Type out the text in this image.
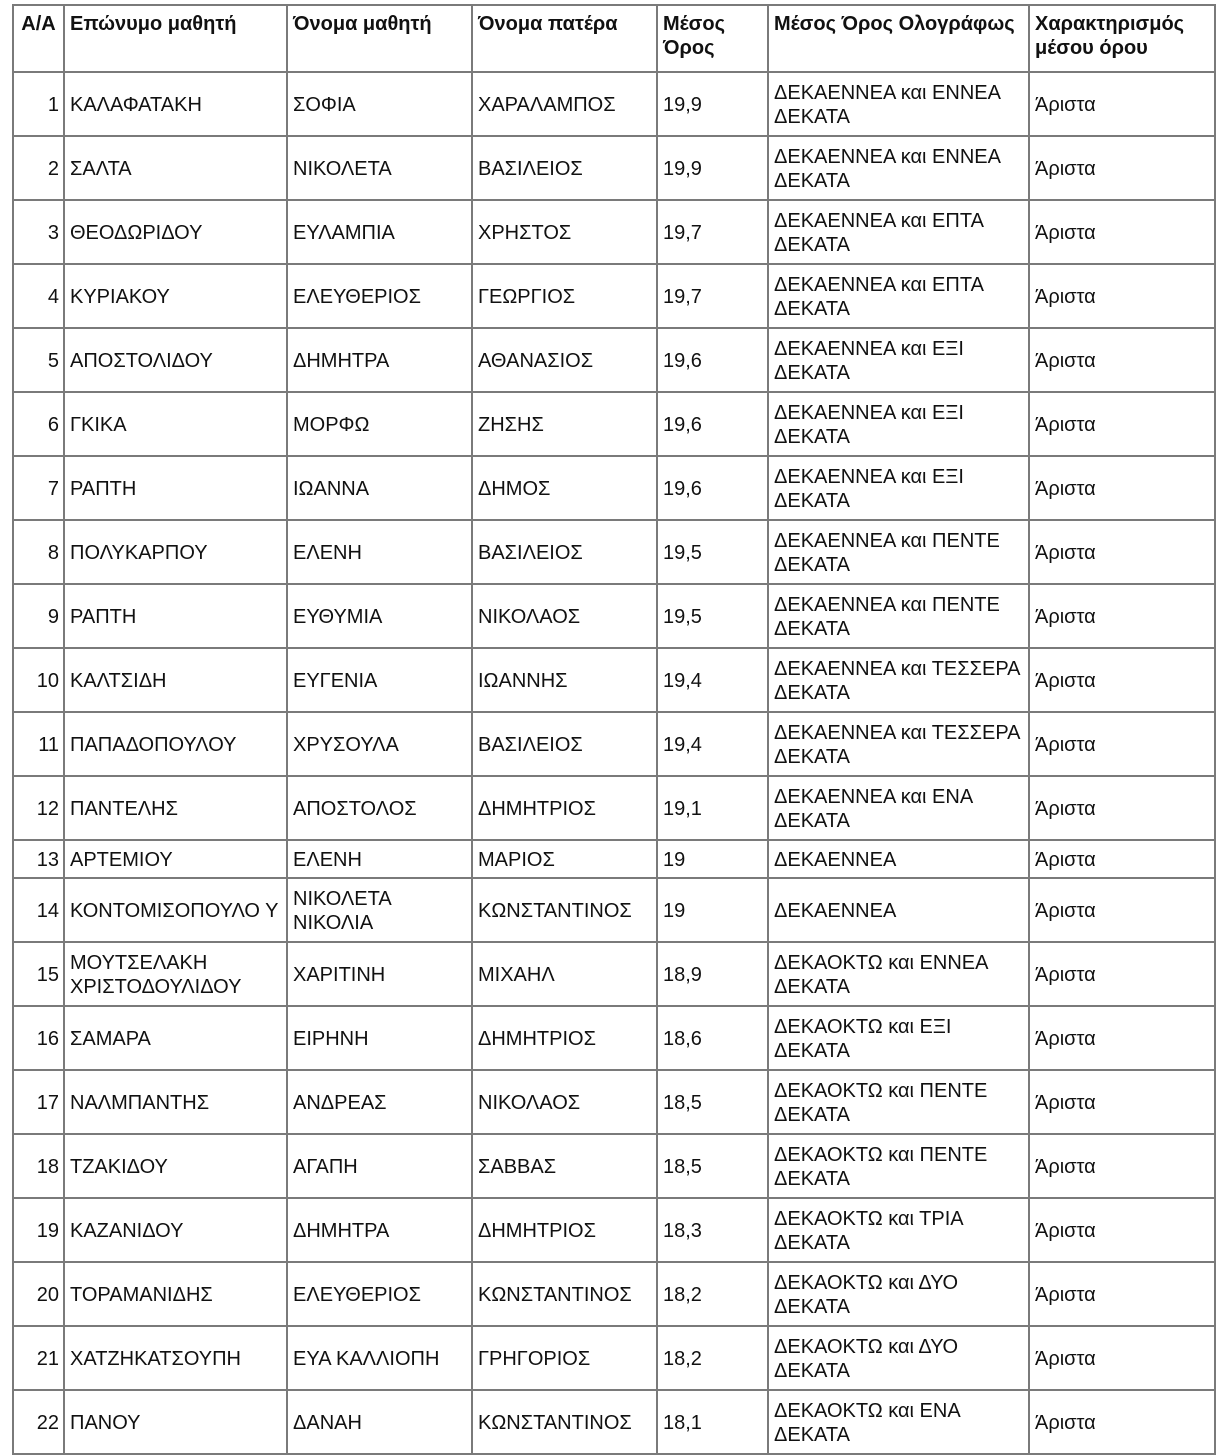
Α/Α	Επώνυμο μαθητή	Όνομα μαθητή	Όνομα πατέρα	Μέσος Όρος	Μέσος Όρος Ολογράφως	Χαρακτηρισμός μέσου όρου
1	ΚΑΛΑΦΑΤΑΚΗ	ΣΟΦΙΑ	ΧΑΡΑΛΑΜΠΟΣ	19,9	ΔΕΚΑΕΝΝΕΑ και ΕΝΝΕΑ ΔΕΚΑΤΑ	Άριστα
2	ΣΑΛΤΑ	ΝΙΚΟΛΕΤΑ	ΒΑΣΙΛΕΙΟΣ	19,9	ΔΕΚΑΕΝΝΕΑ και ΕΝΝΕΑ ΔΕΚΑΤΑ	Άριστα
3	ΘΕΟΔΩΡΙΔΟΥ	ΕΥΛΑΜΠΙΑ	ΧΡΗΣΤΟΣ	19,7	ΔΕΚΑΕΝΝΕΑ και ΕΠΤΑ ΔΕΚΑΤΑ	Άριστα
4	ΚΥΡΙΑΚΟΥ	ΕΛΕΥΘΕΡΙΟΣ	ΓΕΩΡΓΙΟΣ	19,7	ΔΕΚΑΕΝΝΕΑ και ΕΠΤΑ ΔΕΚΑΤΑ	Άριστα
5	ΑΠΟΣΤΟΛΙΔΟΥ	ΔΗΜΗΤΡΑ	ΑΘΑΝΑΣΙΟΣ	19,6	ΔΕΚΑΕΝΝΕΑ και ΕΞΙ ΔΕΚΑΤΑ	Άριστα
6	ΓΚΙΚΑ	ΜΟΡΦΩ	ΖΗΣΗΣ	19,6	ΔΕΚΑΕΝΝΕΑ και ΕΞΙ ΔΕΚΑΤΑ	Άριστα
7	ΡΑΠΤΗ	ΙΩΑΝΝΑ	ΔΗΜΟΣ	19,6	ΔΕΚΑΕΝΝΕΑ και ΕΞΙ ΔΕΚΑΤΑ	Άριστα
8	ΠΟΛΥΚΑΡΠΟΥ	ΕΛΕΝΗ	ΒΑΣΙΛΕΙΟΣ	19,5	ΔΕΚΑΕΝΝΕΑ και ΠΕΝΤΕ ΔΕΚΑΤΑ	Άριστα
9	ΡΑΠΤΗ	ΕΥΘΥΜΙΑ	ΝΙΚΟΛΑΟΣ	19,5	ΔΕΚΑΕΝΝΕΑ και ΠΕΝΤΕ ΔΕΚΑΤΑ	Άριστα
10	ΚΑΛΤΣΙΔΗ	ΕΥΓΕΝΙΑ	ΙΩΑΝΝΗΣ	19,4	ΔΕΚΑΕΝΝΕΑ και ΤΕΣΣΕΡΑ ΔΕΚΑΤΑ	Άριστα
11	ΠΑΠΑΔΟΠΟΥΛΟΥ	ΧΡΥΣΟΥΛΑ	ΒΑΣΙΛΕΙΟΣ	19,4	ΔΕΚΑΕΝΝΕΑ και ΤΕΣΣΕΡΑ ΔΕΚΑΤΑ	Άριστα
12	ΠΑΝΤΕΛΗΣ	ΑΠΟΣΤΟΛΟΣ	ΔΗΜΗΤΡΙΟΣ	19,1	ΔΕΚΑΕΝΝΕΑ και ΕΝΑ ΔΕΚΑΤΑ	Άριστα
13	ΑΡΤΕΜΙΟΥ	ΕΛΕΝΗ	ΜΑΡΙΟΣ	19	ΔΕΚΑΕΝΝΕΑ	Άριστα
14	ΚΟΝΤΟΜΙΣΟΠΟΥΛΟ Υ	ΝΙΚΟΛΕΤΑ ΝΙΚΟΛΙΑ	ΚΩΝΣΤΑΝΤΙΝΟΣ	19	ΔΕΚΑΕΝΝΕΑ	Άριστα
15	ΜΟΥΤΣΕΛΑΚΗ ΧΡΙΣΤΟΔΟΥΛΙΔΟΥ	ΧΑΡΙΤΙΝΗ	ΜΙΧΑΗΛ	18,9	ΔΕΚΑΟΚΤΩ και ΕΝΝΕΑ ΔΕΚΑΤΑ	Άριστα
16	ΣΑΜΑΡΑ	ΕΙΡΗΝΗ	ΔΗΜΗΤΡΙΟΣ	18,6	ΔΕΚΑΟΚΤΩ και ΕΞΙ ΔΕΚΑΤΑ	Άριστα
17	ΝΑΛΜΠΑΝΤΗΣ	ΑΝΔΡΕΑΣ	ΝΙΚΟΛΑΟΣ	18,5	ΔΕΚΑΟΚΤΩ και ΠΕΝΤΕ ΔΕΚΑΤΑ	Άριστα
18	ΤΖΑΚΙΔΟΥ	ΑΓΑΠΗ	ΣΑΒΒΑΣ	18,5	ΔΕΚΑΟΚΤΩ και ΠΕΝΤΕ ΔΕΚΑΤΑ	Άριστα
19	ΚΑΖΑΝΙΔΟΥ	ΔΗΜΗΤΡΑ	ΔΗΜΗΤΡΙΟΣ	18,3	ΔΕΚΑΟΚΤΩ και ΤΡΙΑ ΔΕΚΑΤΑ	Άριστα
20	ΤΟΡΑΜΑΝΙΔΗΣ	ΕΛΕΥΘΕΡΙΟΣ	ΚΩΝΣΤΑΝΤΙΝΟΣ	18,2	ΔΕΚΑΟΚΤΩ και ΔΥΟ ΔΕΚΑΤΑ	Άριστα
21	ΧΑΤΖΗΚΑΤΣΟΥΠΗ	ΕΥΑ ΚΑΛΛΙΟΠΗ	ΓΡΗΓΟΡΙΟΣ	18,2	ΔΕΚΑΟΚΤΩ και ΔΥΟ ΔΕΚΑΤΑ	Άριστα
22	ΠΑΝΟΥ	ΔΑΝΑΗ	ΚΩΝΣΤΑΝΤΙΝΟΣ	18,1	ΔΕΚΑΟΚΤΩ και ΕΝΑ ΔΕΚΑΤΑ	Άριστα
